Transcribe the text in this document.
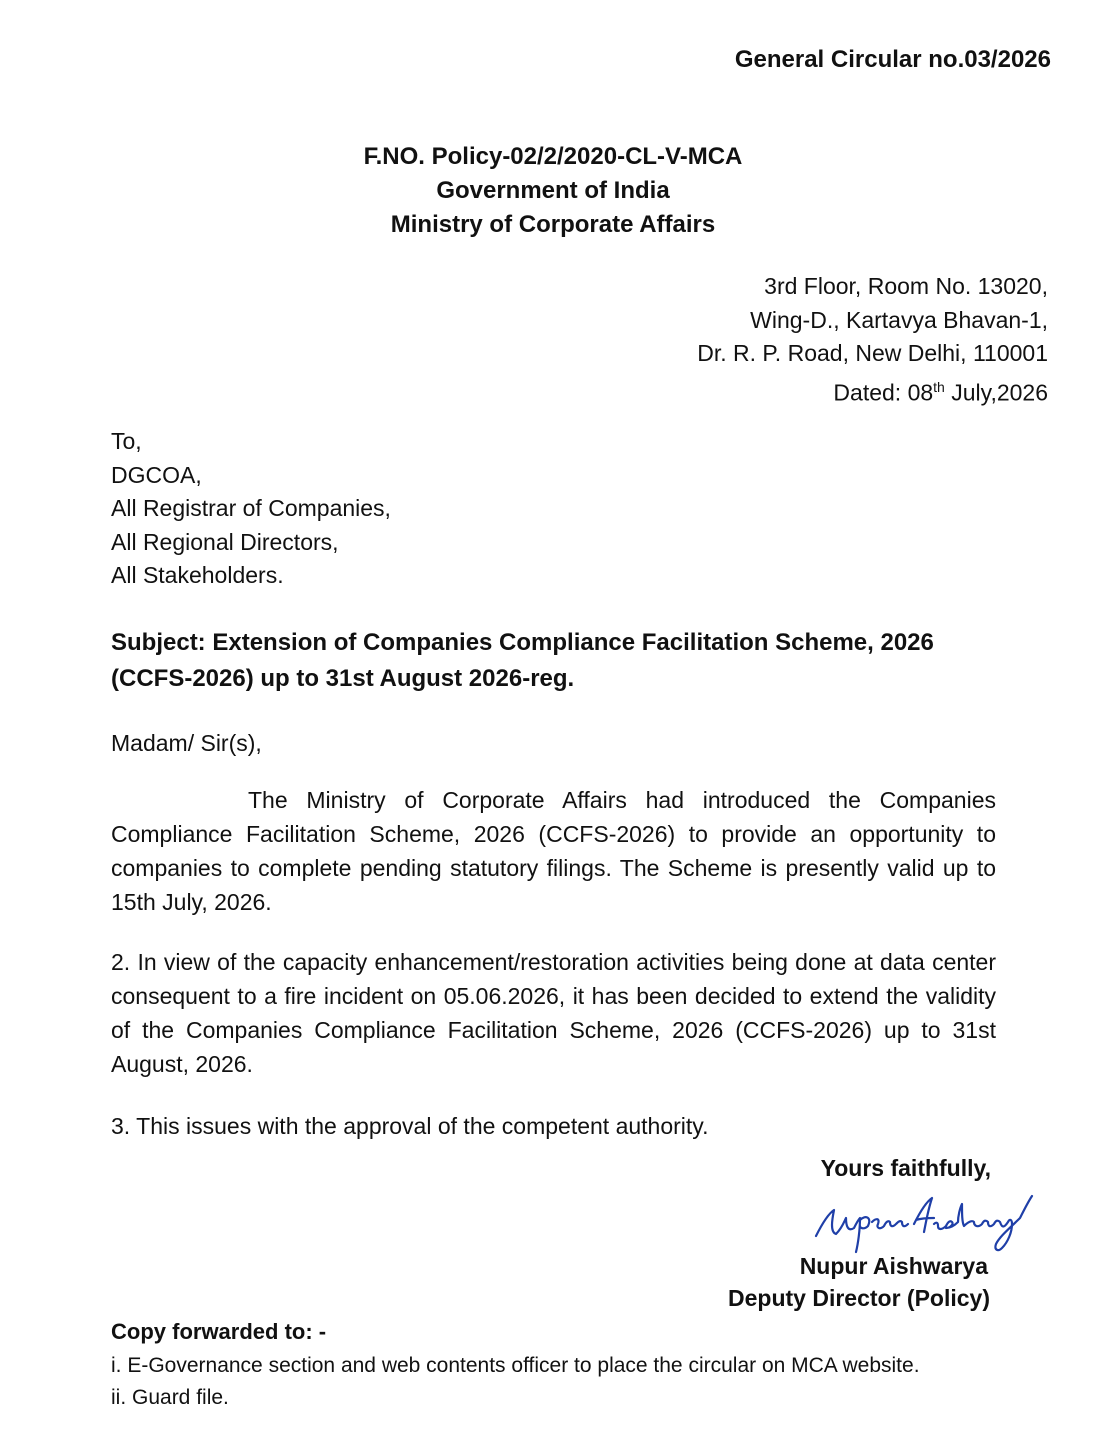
General Circular no.03/2026
F.NO. Policy-02/2/2020-CL-V-MCA
Government of India
Ministry of Corporate Affairs
3rd Floor, Room No. 13020,
Wing-D., Kartavya Bhavan-1,
Dr. R. P. Road, New Delhi, 110001
Dated: 08th July,2026
To,
DGCOA,
All Registrar of Companies,
All Regional Directors,
All Stakeholders.
Subject: Extension of Companies Compliance Facilitation Scheme, 2026 (CCFS-2026) up to 31st August 2026-reg.
Madam/ Sir(s),
The Ministry of Corporate Affairs had introduced the Companies Compliance Facilitation Scheme, 2026 (CCFS-2026) to provide an opportunity to companies to complete pending statutory filings. The Scheme is presently valid up to 15th July, 2026.
2. In view of the capacity enhancement/restoration activities being done at data center consequent to a fire incident on 05.06.2026, it has been decided to extend the validity of the Companies Compliance Facilitation Scheme, 2026 (CCFS-2026) up to 31st August, 2026.
3. This issues with the approval of the competent authority.
Yours faithfully,
Nupur Aishwarya
Deputy Director (Policy)
Copy forwarded to: -
i. E-Governance section and web contents officer to place the circular on MCA website.
ii. Guard file.
